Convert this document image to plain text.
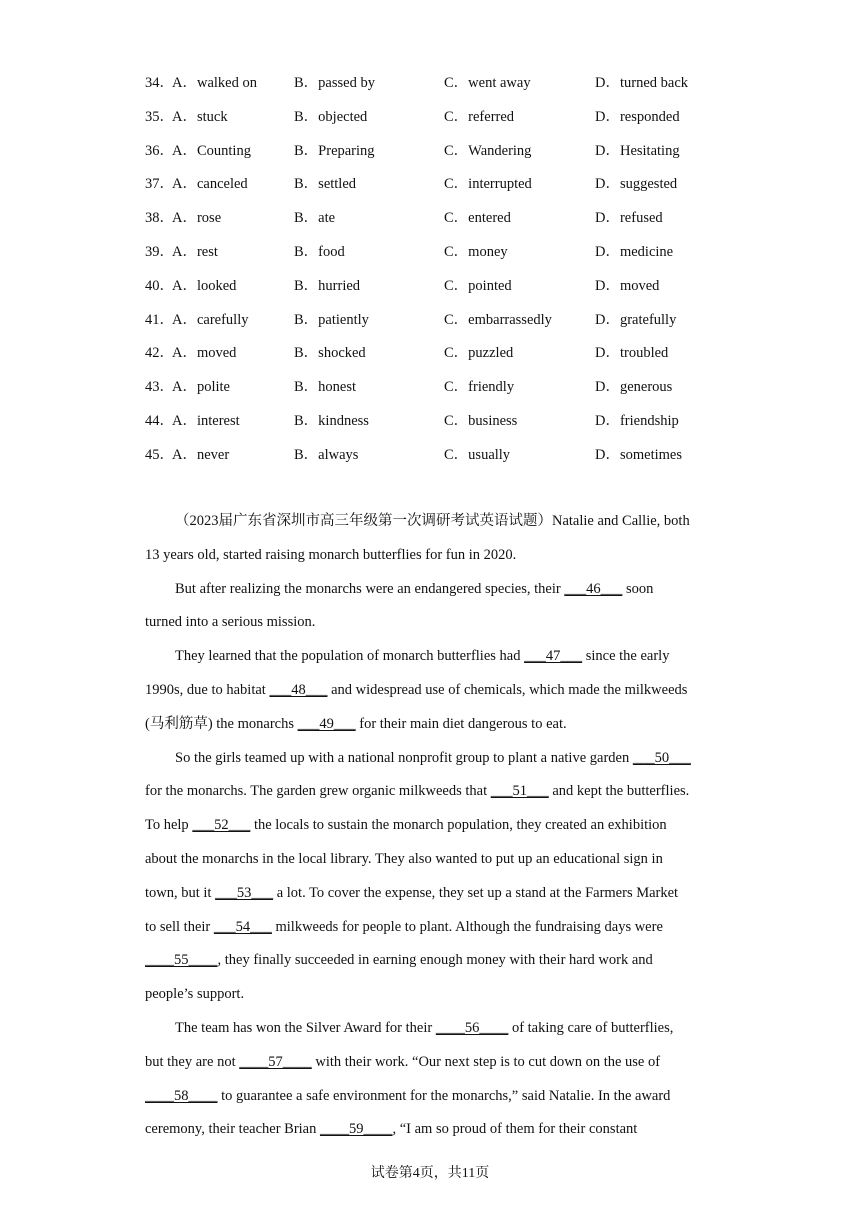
34．
A．walked on	B．passed by	C．went away	D．turned back
35．
A．stuck	B．objected	C．referred	D．responded
36．
A．Counting	B．Preparing	C．Wandering	D．Hesitating
37．
A．canceled	B．settled	C．interrupted	D．suggested
38．
A．rose	B．ate	C．entered	D．refused
39．
A．rest	B．food	C．money	D．medicine
40．
A．looked	B．hurried	C．pointed	D．moved
41．
A．carefully	B．patiently	C．embarrassedly	D．gratefully
42．
A．moved	B．shocked	C．puzzled	D．troubled
43．
A．polite	B．honest	C．friendly	D．generous
44．
A．interest	B．kindness	C．business	D．friendship
45．
A．never	B．always	C．usually	D．sometimes
（2023届广东省深圳市高三年级第一次调研考试英语试题）Natalie and Callie, both
13 years old, started raising monarch butterflies for fun in 2020.
But after realizing the monarchs were an endangered species, their ___46___ soon
turned into a serious mission.
They learned that the population of monarch butterflies had ___47___ since the early
1990s, due to habitat ___48___ and widespread use of chemicals, which made the milkweeds
(马利筋草) the monarchs ___49___ for their main diet dangerous to eat.
So the girls teamed up with a national nonprofit group to plant a native garden ___50___
for the monarchs. The garden grew organic milkweeds that ___51___ and kept the butterflies.
To help ___52___ the locals to sustain the monarch population, they created an exhibition
about the monarchs in the local library. They also wanted to put up an educational sign in
town, but it ___53___ a lot. To cover the expense, they set up a stand at the Farmers Market
to sell their ___54___ milkweeds for people to plant. Although the fundraising days were
____55____, they finally succeeded in earning enough money with their hard work and
people’s support.
The team has won the Silver Award for their ____56____ of taking care of butterflies,
but they are not ____57____ with their work. “Our next step is to cut down on the use of
____58____ to guarantee a safe environment for the monarchs,” said Natalie. In the award
ceremony, their teacher Brian ____59____, “I am so proud of them for their constant
试卷第4页，共11页
